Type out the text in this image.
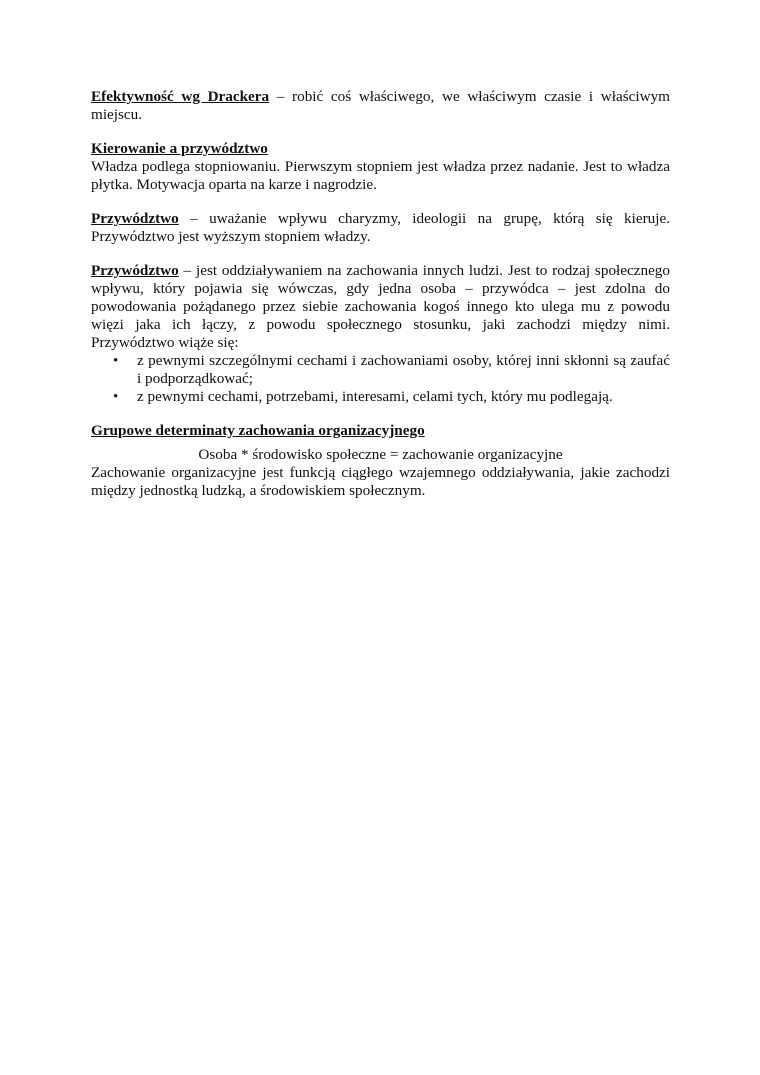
Efektywność wg Drackera – robić coś właściwego, we właściwym czasie i właściwym miejscu.

Kierowanie a przywództwo
Władza podlega stopniowaniu. Pierwszym stopniem jest władza przez nadanie. Jest to władza płytka. Motywacja oparta na karze i nagrodzie.

Przywództwo – uważanie wpływu charyzmy, ideologii na grupę, którą się kieruje. Przywództwo jest wyższym stopniem władzy.

Przywództwo – jest oddziaływaniem na zachowania innych ludzi. Jest to rodzaj społecznego wpływu, który pojawia się wówczas, gdy jedna osoba – przywódca – jest zdolna do powodowania pożądanego przez siebie zachowania kogoś innego kto ulega mu z powodu więzi jaka ich łączy, z powodu społecznego stosunku, jaki zachodzi między nimi. Przywództwo wiąże się:

• z pewnymi szczególnymi cechami i zachowaniami osoby, której inni skłonni są zaufać i podporządkować;
• z pewnymi cechami, potrzebami, interesami, celami tych, który mu podlegają.
Grupowe determinaty zachowania organizacyjnego
Osoba * środowisko społeczne = zachowanie organizacyjne
Zachowanie organizacyjne jest funkcją ciągłego wzajemnego oddziaływania, jakie zachodzi między jednostką ludzką, a środowiskiem społecznym.
